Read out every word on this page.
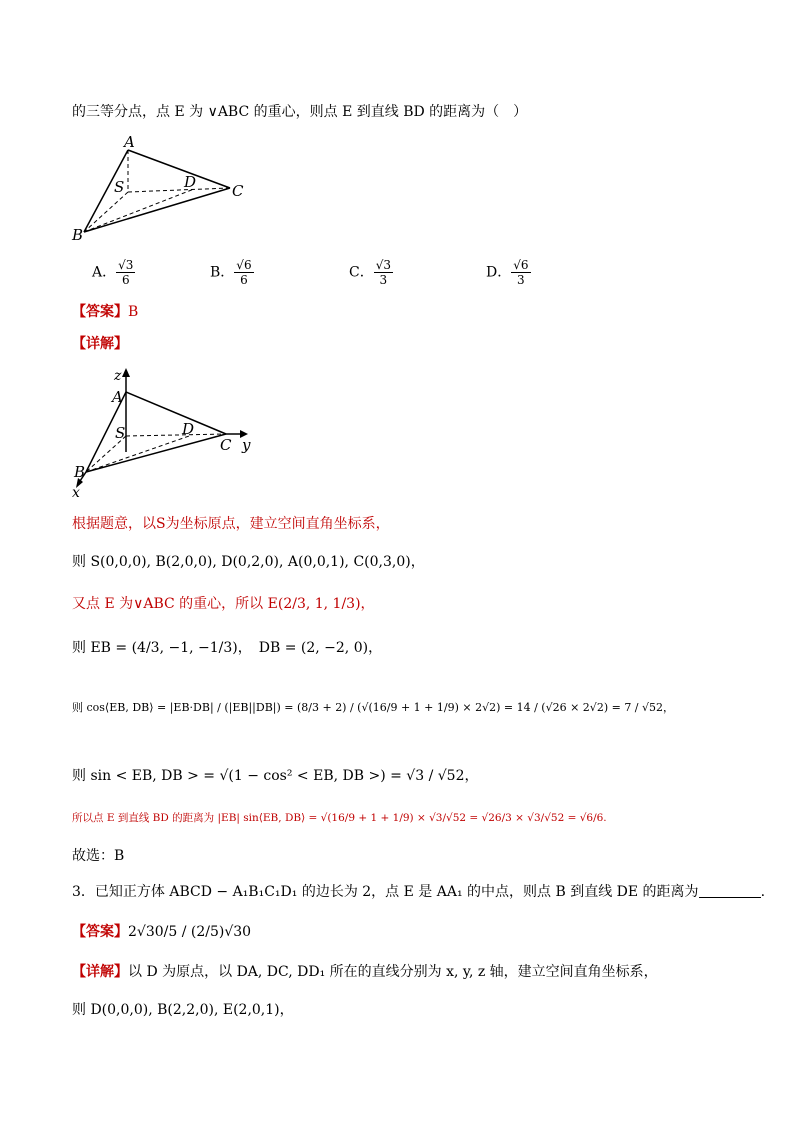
的三等分点，点 E 为 ∨ABC 的重心，则点 E 到直线 BD 的距离为（　）
A
S	D C
B
A． $\frac{√3}{6}$	B． $\frac{√6}{6}$	C． $\frac{√3}{3}$	D． $\frac{√6}{3}$
【答案】B
【详解】
z
A
S	D
C y
B
x
根据题意，以S为坐标原点，建立空间直角坐标系，
则 S(0,0,0), B(2,0,0), D(0,2,0), A(0,0,1), C(0,3,0)，
又点 E 为∨ABC 的重心，所以 E(2/3, 1, 1/3)，
则 EB = (4/3, −1, −1/3)，　DB = (2, −2, 0)，
则 cos⟨EB, DB⟩ = |EB·DB| / (|EB||DB|) = (8/3 + 2) / (√(16/9 + 1 + 1/9) × 2√2) = 14 / (√26 × 2√2) = 7 / √52，
则 sin < EB, DB > = √(1 − cos² < EB, DB >) = √3 / √52，
所以点 E 到直线 BD 的距离为 |EB| sin⟨EB, DB⟩ = √(16/9 + 1 + 1/9) × √3/√52 = √26/3 × √3/√52 = √6/6.
故选：B
3．已知正方体 ABCD − A₁B₁C₁D₁ 的边长为 2，点 E 是 AA₁ 的中点，则点 B 到直线 DE 的距离为	.
【答案】2√30/5 / (2/5)√30
【详解】以 D 为原点，以 DA, DC, DD₁ 所在的直线分别为 x, y, z 轴，建立空间直角坐标系，
则 D(0,0,0), B(2,2,0), E(2,0,1)，
